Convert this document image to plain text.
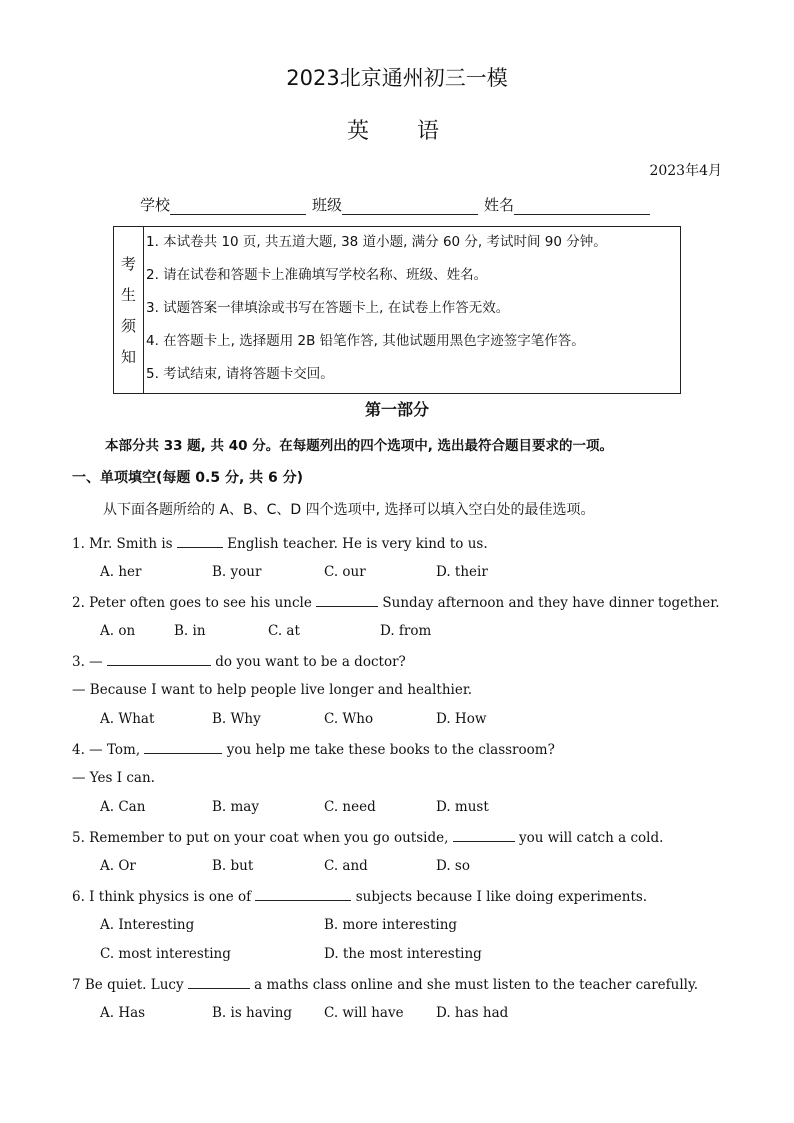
2023北京通州初三一模
英语
2023年4月
学校	班级	姓名
考
生
须
知
1. 本试卷共 10 页, 共五道大题, 38 道小题, 满分 60 分, 考试时间 90 分钟。
2. 请在试卷和答题卡上准确填写学校名称、班级、姓名。
3. 试题答案一律填涂或书写在答题卡上, 在试卷上作答无效。
4. 在答题卡上, 选择题用 2B 铅笔作答, 其他试题用黑色字迹签字笔作答。
5. 考试结束, 请将答题卡交回。
第一部分
本部分共 33 题, 共 40 分。在每题列出的四个选项中, 选出最符合题目要求的一项。
一、单项填空(每题 0.5 分, 共 6 分)
从下面各题所给的 A、B、C、D 四个选项中, 选择可以填入空白处的最佳选项。
1. Mr. Smith is	English teacher. He is very kind to us.
A. her	B. your	C. our	D. their
2. Peter often goes to see his uncle	Sunday afternoon and they have dinner together.
A. on	B. in	C. at	D. from
3. —	do you want to be a doctor?
— Because I want to help people live longer and healthier.
A. What	B. Why	C. Who	D. How
4. — Tom,	you help me take these books to the classroom?
— Yes I can.
A. Can	B. may	C. need	D. must
5. Remember to put on your coat when you go outside,	you will catch a cold.
A. Or	B. but	C. and	D. so
6. I think physics is one of	subjects because I like doing experiments.
A. Interesting	B. more interesting
C. most interesting	D. the most interesting
7 Be quiet. Lucy	a maths class online and she must listen to the teacher carefully.
A. Has	B. is having C. will have D. has had
